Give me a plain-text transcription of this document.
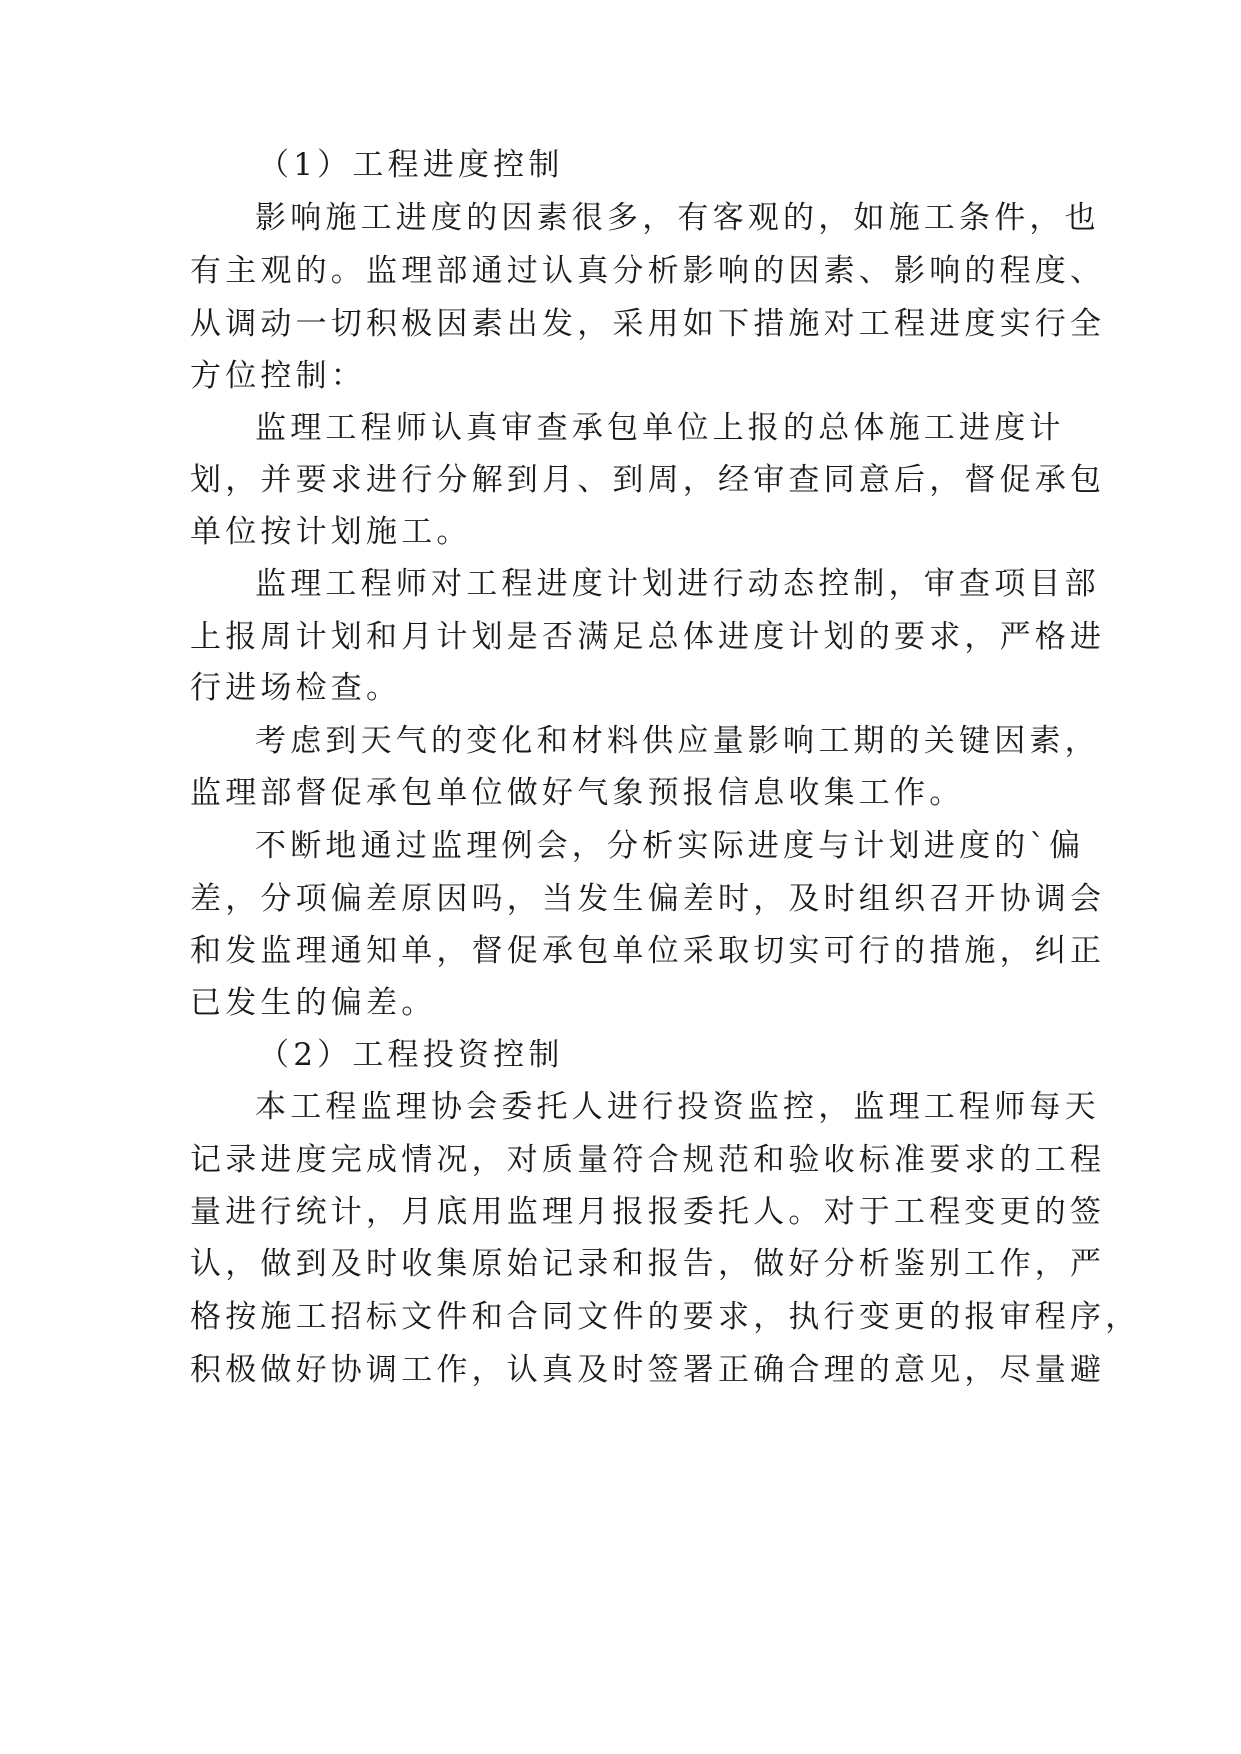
（1）工程进度控制
影响施工进度的因素很多，有客观的，如施工条件，也
有主观的。监理部通过认真分析影响的因素、影响的程度、
从调动一切积极因素出发，采用如下措施对工程进度实行全
方位控制：
监理工程师认真审查承包单位上报的总体施工进度计
划，并要求进行分解到月、到周，经审查同意后，督促承包
单位按计划施工。
监理工程师对工程进度计划进行动态控制，审查项目部
上报周计划和月计划是否满足总体进度计划的要求，严格进
行进场检查。
考虑到天气的变化和材料供应量影响工期的关键因素，
监理部督促承包单位做好气象预报信息收集工作。
不断地通过监理例会，分析实际进度与计划进度的`偏
差，分项偏差原因吗，当发生偏差时，及时组织召开协调会
和发监理通知单，督促承包单位采取切实可行的措施，纠正
已发生的偏差。
（2）工程投资控制
本工程监理协会委托人进行投资监控，监理工程师每天
记录进度完成情况，对质量符合规范和验收标准要求的工程
量进行统计，月底用监理月报报委托人。对于工程变更的签
认，做到及时收集原始记录和报告，做好分析鉴别工作，严
格按施工招标文件和合同文件的要求，执行变更的报审程序，
积极做好协调工作，认真及时签署正确合理的意见，尽量避
